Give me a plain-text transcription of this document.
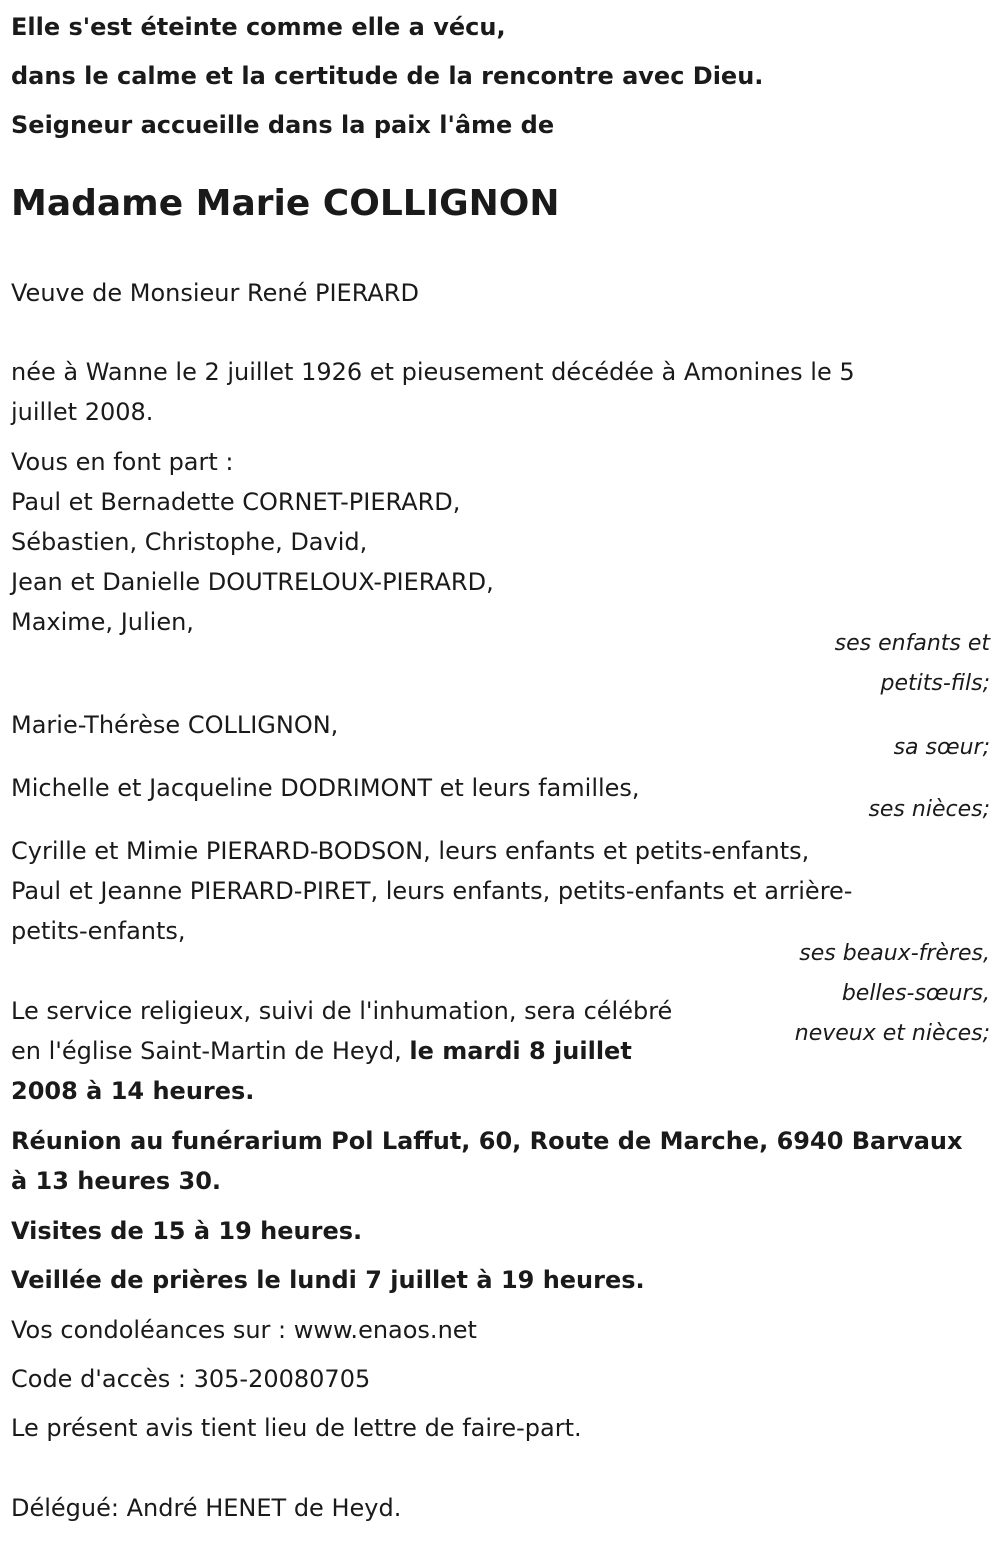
Elle s'est éteinte comme elle a vécu,

dans le calme et la certitude de la rencontre avec Dieu.

Seigneur accueille dans la paix l'âme de

Madame Marie COLLIGNON

Veuve de Monsieur René PIERARD

née à Wanne le 2 juillet 1926 et pieusement décédée à Amonines le 5

juillet 2008.

Vous en font part :

Paul et Bernadette CORNET-PIERARD,

Sébastien, Christophe, David,

Jean et Danielle DOUTRELOUX-PIERARD,

Maxime, Julien,

ses enfants et

petits-fils;

Marie-Thérèse COLLIGNON,

sa sœur;

Michelle et Jacqueline DODRIMONT et leurs familles,

ses nièces;

Cyrille et Mimie PIERARD-BODSON, leurs enfants et petits-enfants,

Paul et Jeanne PIERARD-PIRET, leurs enfants, petits-enfants et arrière-

petits-enfants,

ses beaux-frères,

belles-sœurs,

neveux et nièces;

Le service religieux, suivi de l'inhumation, sera célébré

en l'église Saint-Martin de Heyd, le mardi 8 juillet

2008 à 14 heures.

Réunion au funérarium Pol Laffut, 60, Route de Marche, 6940 Barvaux

à 13 heures 30.

Visites de 15 à 19 heures.

Veillée de prières le lundi 7 juillet à 19 heures.

Vos condoléances sur : www.enaos.net

Code d'accès : 305-20080705

Le présent avis tient lieu de lettre de faire-part.

Délégué: André HENET de Heyd.
